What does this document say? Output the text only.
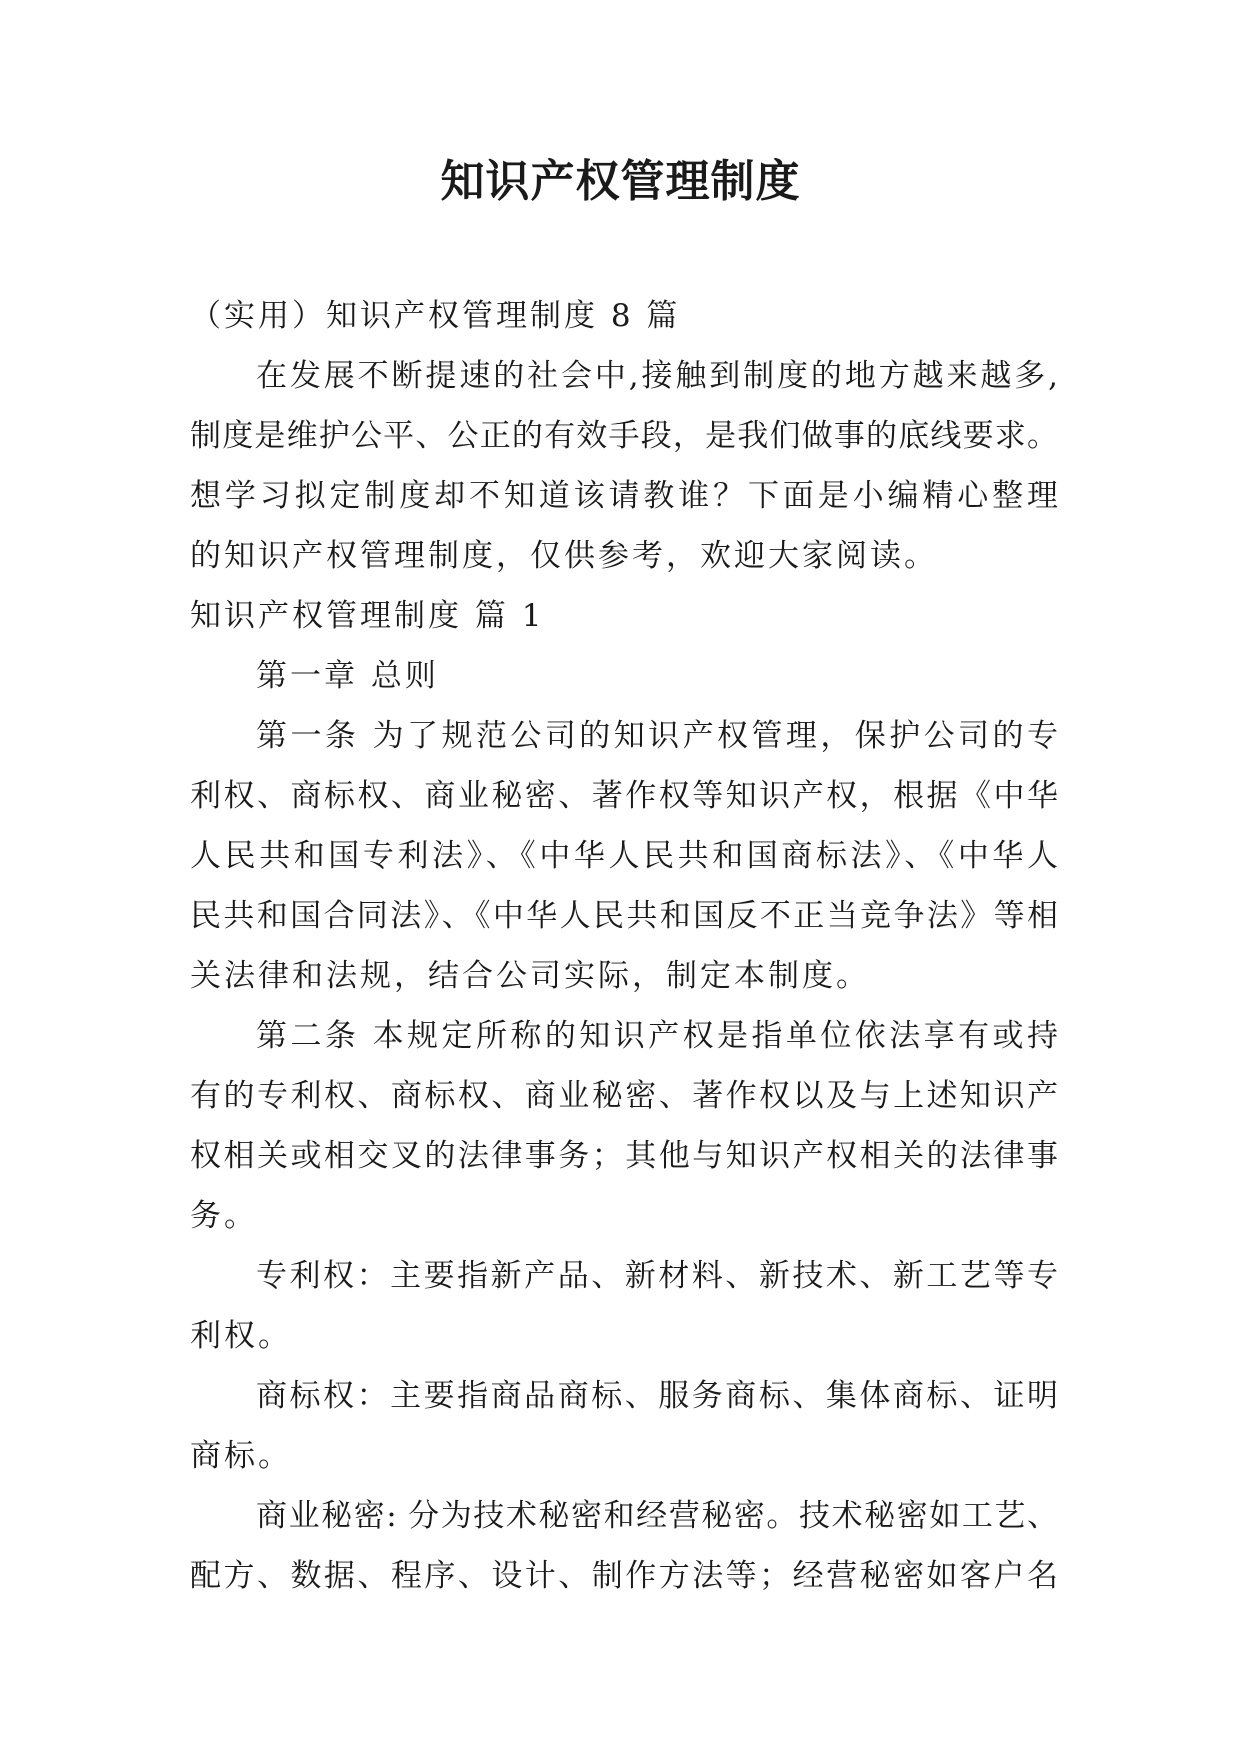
知识产权管理制度

（实用）知识产权管理制度 8 篇

在发展不断提速的社会中,接触到制度的地方越来越多,

制度是维护公平、公正的有效手段，是我们做事的底线要求。

想学习拟定制度却不知道该请教谁？下面是小编精心整理

的知识产权管理制度，仅供参考，欢迎大家阅读。

知识产权管理制度 篇 1

第一章 总则

第一条 为了规范公司的知识产权管理，保护公司的专

利权、商标权、商业秘密、著作权等知识产权，根据《中华

人民共和国专利法》、《中华人民共和国商标法》、《中华人

民共和国合同法》、《中华人民共和国反不正当竞争法》等相

关法律和法规，结合公司实际，制定本制度。

第二条 本规定所称的知识产权是指单位依法享有或持

有的专利权、商标权、商业秘密、著作权以及与上述知识产

权相关或相交叉的法律事务；其他与知识产权相关的法律事

务。

专利权：主要指新产品、新材料、新技术、新工艺等专

利权。

商标权：主要指商品商标、服务商标、集体商标、证明

商标。

商业秘密: 分为技术秘密和经营秘密。技术秘密如工艺、

配方、数据、程序、设计、制作方法等；经营秘密如客户名
